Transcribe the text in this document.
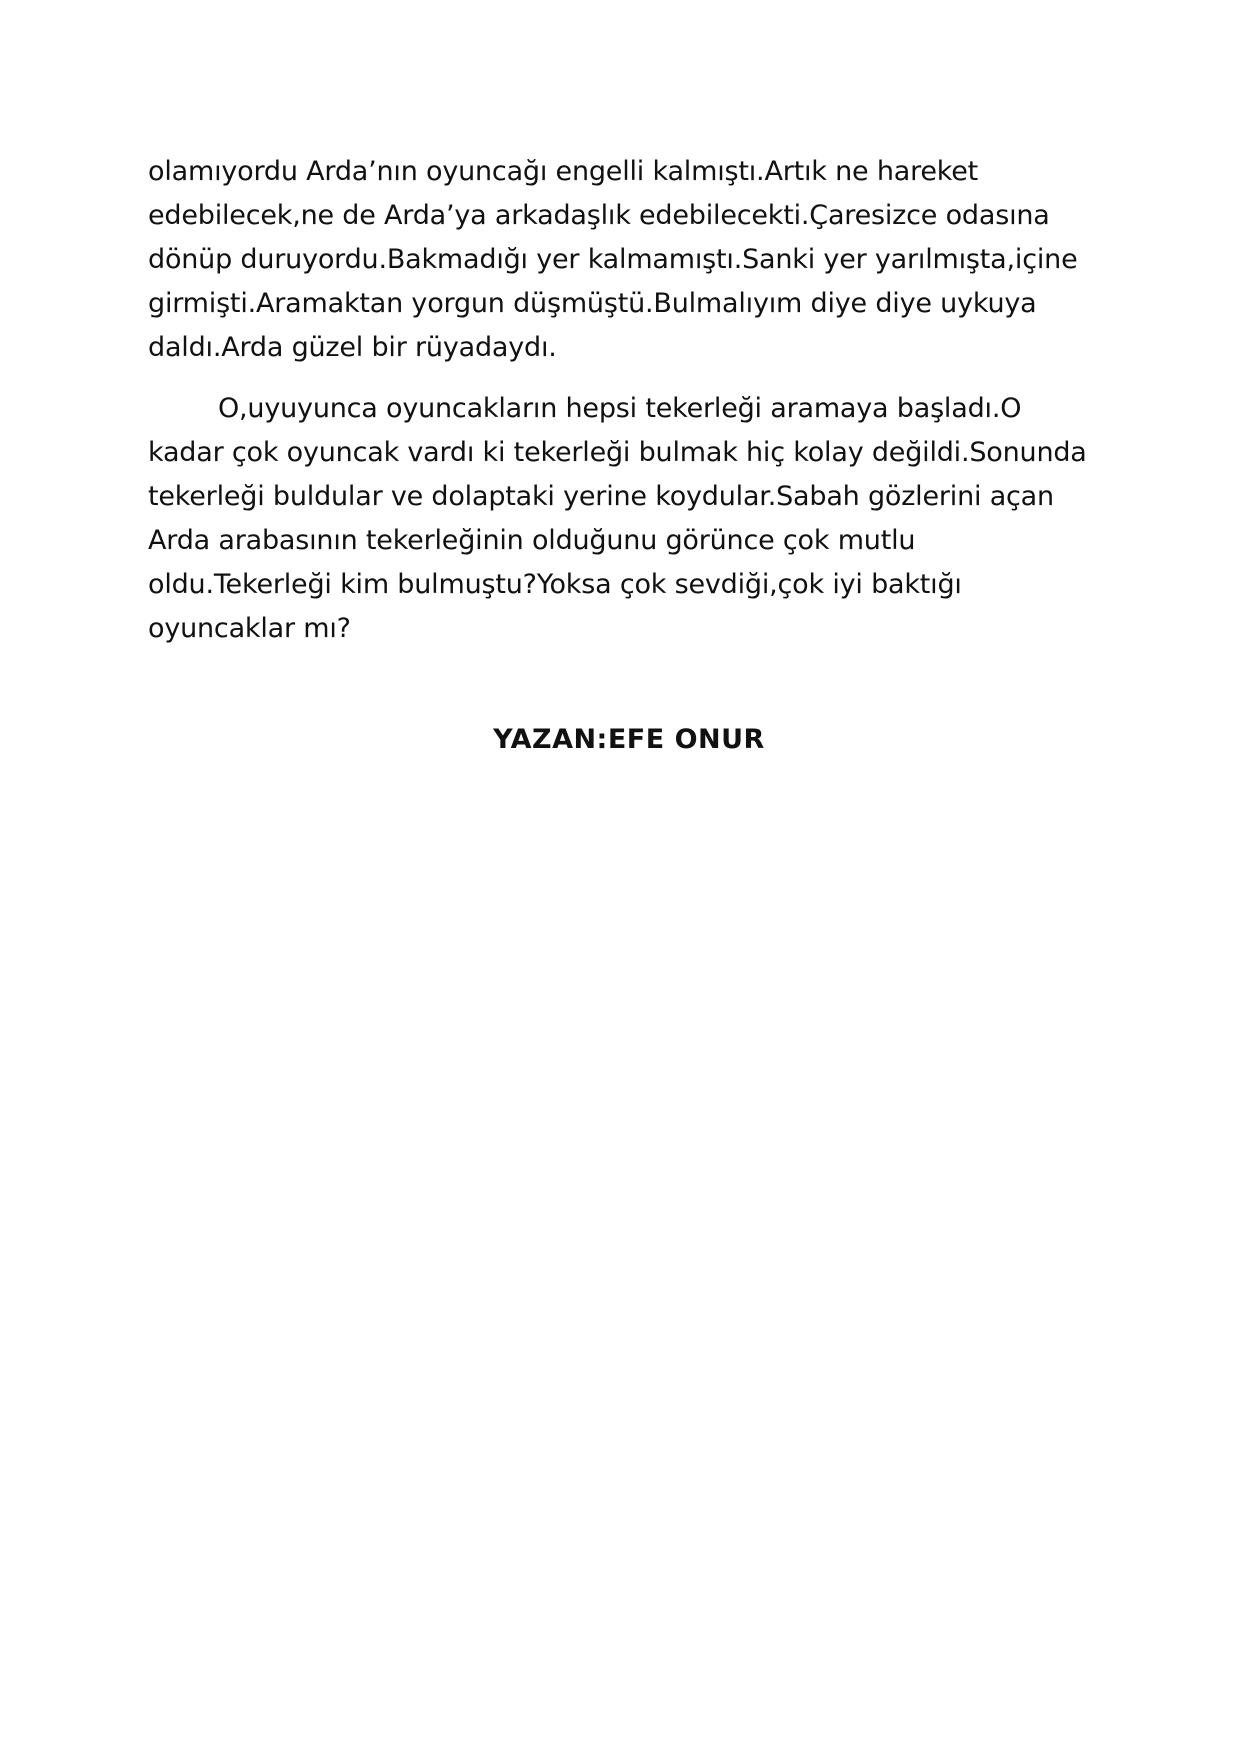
olamıyordu Arda’nın oyuncağı engelli kalmıştı.Artık ne hareket
edebilecek,ne de Arda’ya arkadaşlık edebilecekti.Çaresizce odasına
dönüp duruyordu.Bakmadığı yer kalmamıştı.Sanki yer yarılmışta,içine
girmişti.Aramaktan yorgun düşmüştü.Bulmalıyım diye diye uykuya
daldı.Arda güzel bir rüyadaydı.
O,uyuyunca oyuncakların hepsi tekerleği aramaya başladı.O
kadar çok oyuncak vardı ki tekerleği bulmak hiç kolay değildi.Sonunda
tekerleği buldular ve dolaptaki yerine koydular.Sabah gözlerini açan
Arda arabasının tekerleğinin olduğunu görünce çok mutlu
oldu.Tekerleği kim bulmuştu?Yoksa çok sevdiği,çok iyi baktığı
oyuncaklar mı?
YAZAN:EFE ONUR
